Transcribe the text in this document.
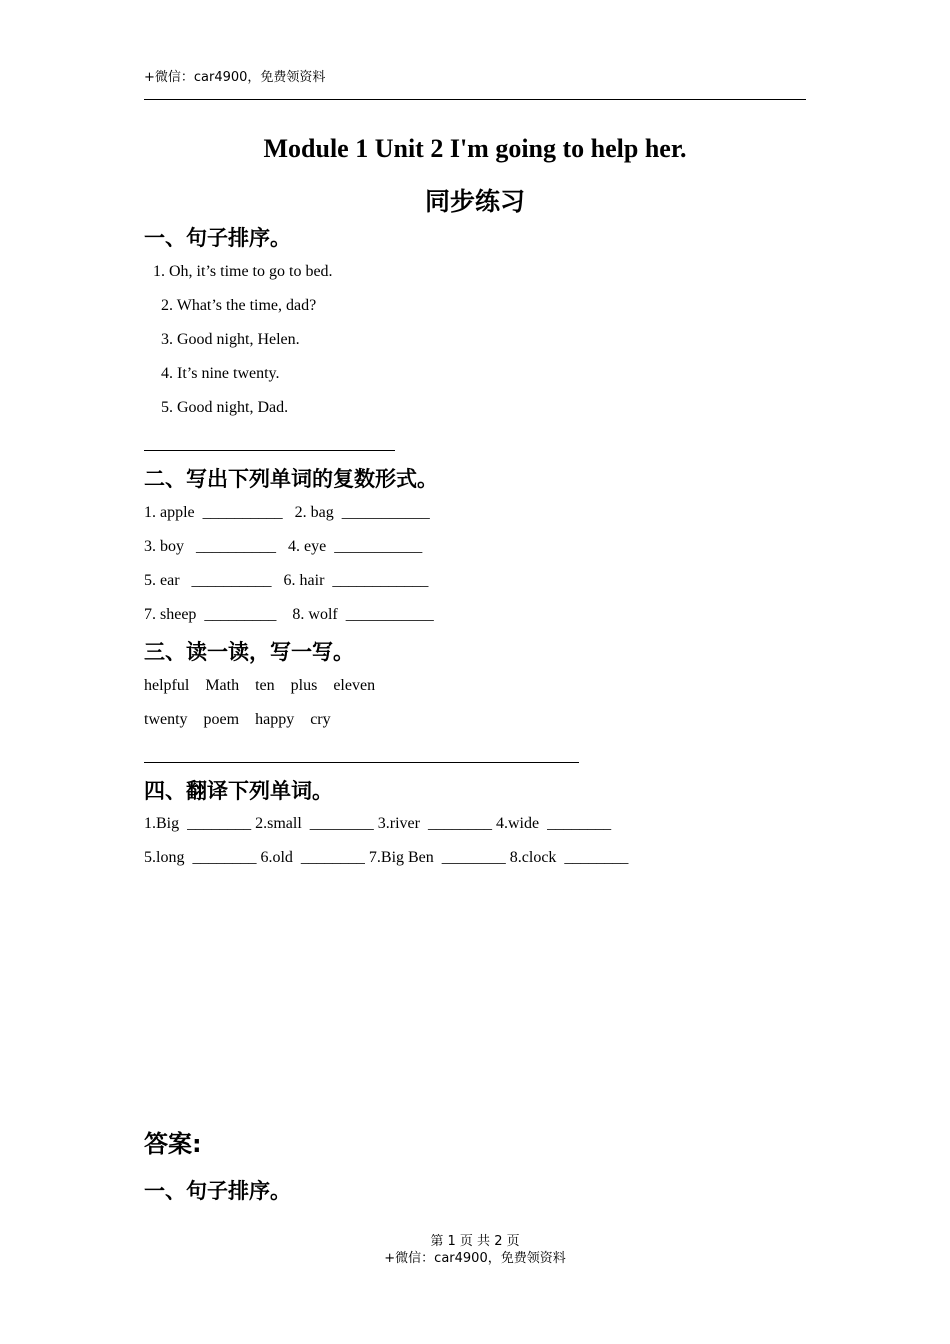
+微信：car4900，免费领资料
Module 1 Unit 2 I'm going to help her.
同步练习
一、句子排序。
1. Oh, it’s time to go to bed.
2. What’s the time, dad?
3. Good night, Helen.
4. It’s nine twenty.
5. Good night, Dad.
二、写出下列单词的复数形式。
1. apple  __________   2. bag  ___________
3. boy   __________   4. eye  ___________
5. ear   __________   6. hair  ____________
7. sheep  _________    8. wolf  ___________
三、读一读，写一写。
helpful    Math    ten    plus    eleven
twenty    poem    happy    cry
四、翻译下列单词。
1.Big  ________ 2.small  ________ 3.river  ________ 4.wide  ________
5.long  ________ 6.old  ________ 7.Big Ben  ________ 8.clock  ________
答案:
一、句子排序。
第 1 页 共 2 页
+微信：car4900，免费领资料
